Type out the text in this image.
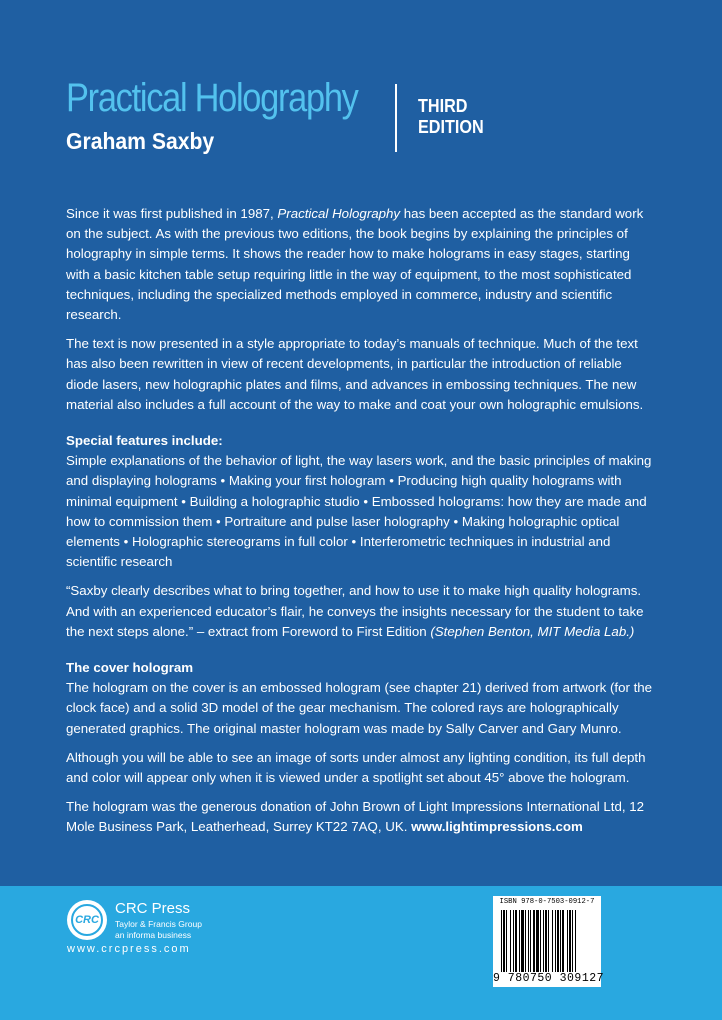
Practical Holography
Graham Saxby
THIRD
EDITION

Since it was first published in 1987, Practical Holography has been accepted as the standard work on the subject. As with the previous two editions, the book begins by explaining the principles of holography in simple terms. It shows the reader how to make holograms in easy stages, starting with a basic kitchen table setup requiring little in the way of equipment, to the most sophisticated techniques, including the specialized methods employed in commerce, industry and scientific research.

The text is now presented in a style appropriate to today’s manuals of technique. Much of the text has also been rewritten in view of recent developments, in particular the introduction of reliable diode lasers, new holographic plates and films, and advances in embossing techniques. The new material also includes a full account of the way to make and coat your own holographic emulsions.

Special features include:

Simple explanations of the behavior of light, the way lasers work, and the basic principles of making and displaying holograms • Making your first hologram • Producing high quality holograms with minimal equipment • Building a holographic studio • Embossed holograms: how they are made and how to commission them • Portraiture and pulse laser holography • Making holographic optical elements • Holographic stereograms in full color • Interferometric techniques in industrial and scientific research

“Saxby clearly describes what to bring together, and how to use it to make high quality holograms. And with an experienced educator’s flair, he conveys the insights necessary for the student to take the next steps alone.” – extract from Foreword to First Edition (Stephen Benton, MIT Media Lab.)

The cover hologram

The hologram on the cover is an embossed hologram (see chapter 21) derived from artwork (for the clock face) and a solid 3D model of the gear mechanism. The colored rays are holographically generated graphics. The original master hologram was made by Sally Carver and Gary Munro.

Although you will be able to see an image of sorts under almost any lighting condition, its full depth and color will appear only when it is viewed under a spotlight set about 45° above the hologram.

The hologram was the generous donation of John Brown of Light Impressions International Ltd, 12 Mole Business Park, Leatherhead, Surrey KT22 7AQ, UK. www.lightimpressions.com

CRC
CRC Press
Taylor & Francis Group
an informa business
www.crcpress.com
ISBN 978-0-7503-0912-7
9 780750 309127
